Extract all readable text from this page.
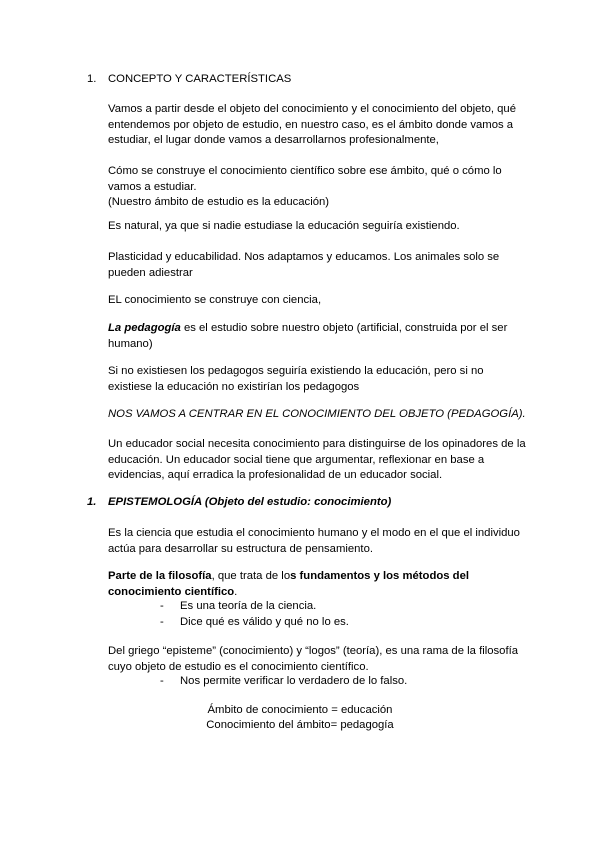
1. CONCEPTO Y CARACTERÍSTICAS

Vamos a partir desde el objeto del conocimiento y el conocimiento del objeto, qué entendemos por objeto de estudio, en nuestro caso, es el ámbito donde vamos a estudiar, el lugar donde vamos a desarrollarnos profesionalmente,

Cómo se construye el conocimiento científico sobre ese ámbito, qué o cómo lo vamos a estudiar.
(Nuestro ámbito de estudio es la educación)

Es natural, ya que si nadie estudiase la educación seguiría existiendo.

Plasticidad y educabilidad. Nos adaptamos y educamos. Los animales solo se pueden adiestrar

EL conocimiento se construye con ciencia,

La pedagogía es el estudio sobre nuestro objeto (artificial, construida por el ser humano)

Si no existiesen los pedagogos seguiría existiendo la educación, pero si no existiese la educación no existirían los pedagogos

NOS VAMOS A CENTRAR EN EL CONOCIMIENTO DEL OBJETO (PEDAGOGÍA).

Un educador social necesita conocimiento para distinguirse de los opinadores de la educación. Un educador social tiene que argumentar, reflexionar en base a evidencias, aquí erradica la profesionalidad de un educador social.

1. EPISTEMOLOGÍA (Objeto del estudio: conocimiento)

Es la ciencia que estudia el conocimiento humano y el modo en el que el individuo actúa para desarrollar su estructura de pensamiento.

Parte de la filosofía, que trata de los fundamentos y los métodos del conocimiento científico.

- Es una teoría de la ciencia.

- Dice qué es válido y qué no lo es.

Del griego “episteme” (conocimiento) y “logos” (teoría), es una rama de la filosofía cuyo objeto de estudio es el conocimiento científico.

- Nos permite verificar lo verdadero de lo falso.

Ámbito de conocimiento = educación

Conocimiento del ámbito= pedagogía
